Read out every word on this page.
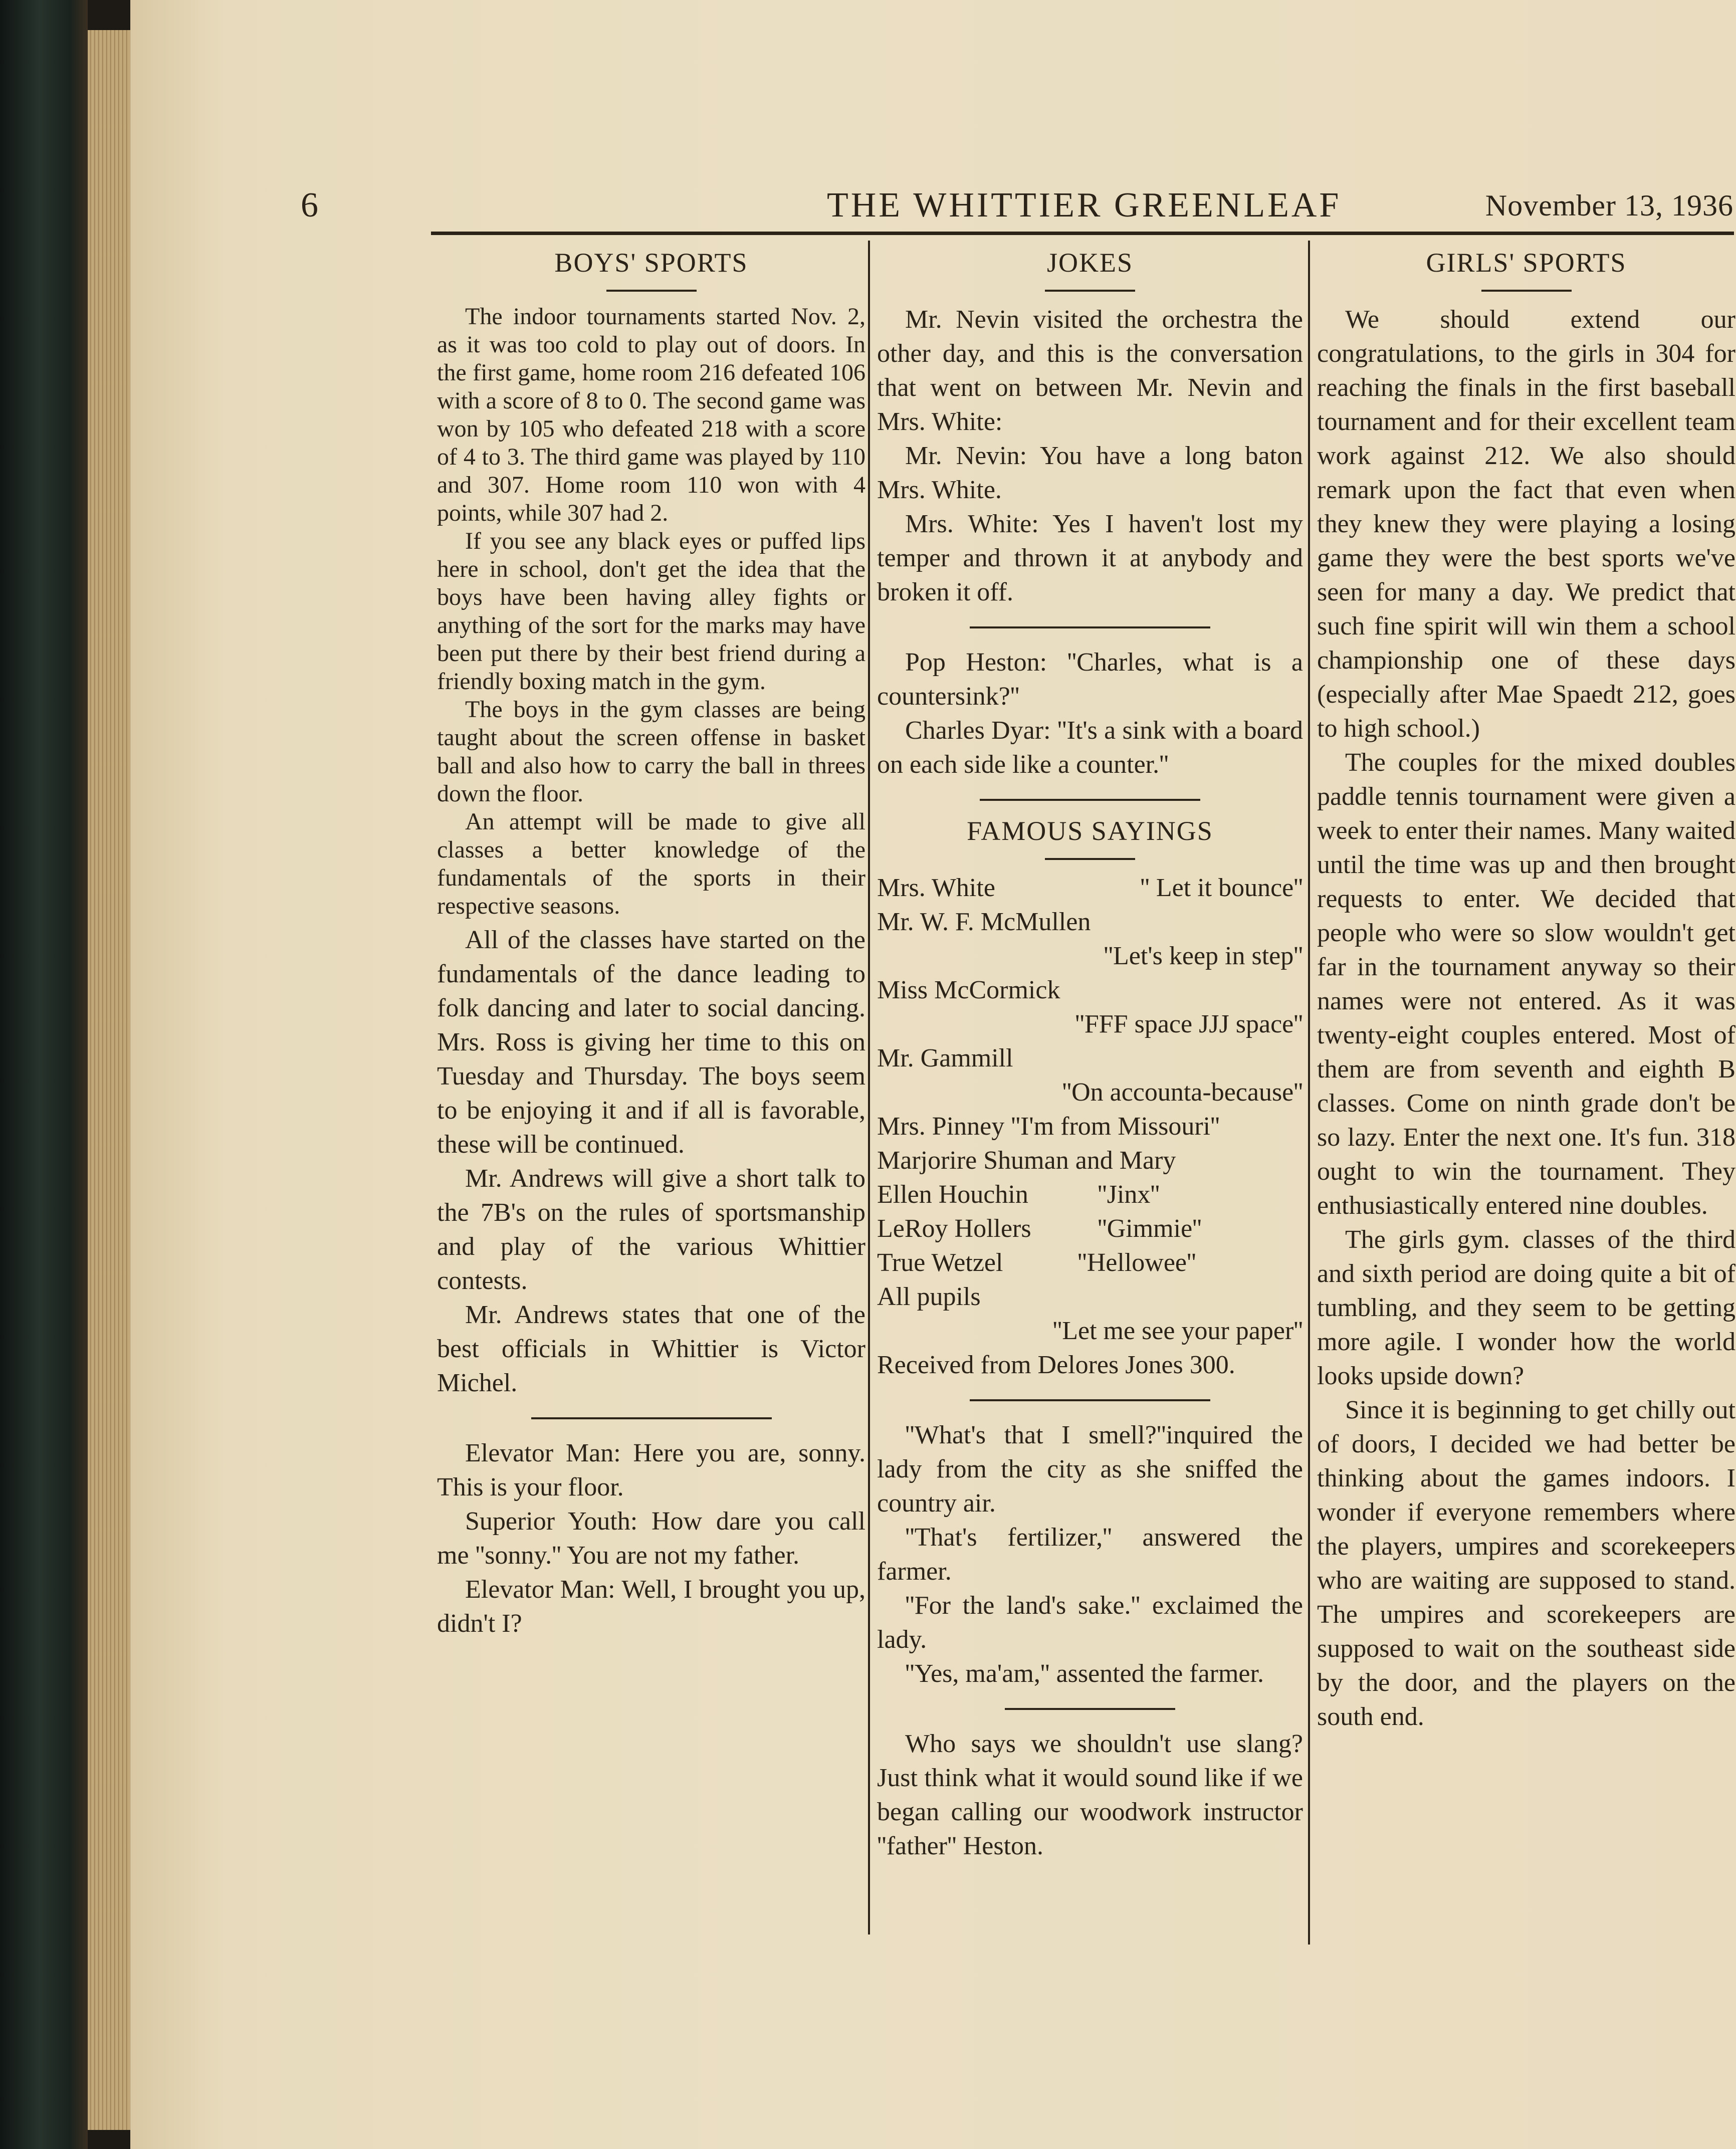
6	THE WHITTIER GREENLEAF	November 13, 1936
BOYS' SPORTS

The indoor tournaments started Nov. 2, as it was too cold to play out of doors. In the first game, home room 216 defeated 106 with a score of 8 to 0. The second game was won by 105 who defeated 218 with a score of 4 to 3. The third game was played by 110 and 307. Home room 110 won with 4 points, while 307 had 2.

If you see any black eyes or puffed lips here in school, don't get the idea that the boys have been having alley fights or anything of the sort for the marks may have been put there by their best friend during a friendly boxing match in the gym.

The boys in the gym classes are being taught about the screen offense in basket ball and also how to carry the ball in threes down the floor.

An attempt will be made to give all classes a better knowledge of the fundamentals of the sports in their respective seasons.

All of the classes have started on the fundamentals of the dance leading to folk dancing and later to social dancing. Mrs. Ross is giving her time to this on Tuesday and Thursday. The boys seem to be enjoying it and if all is favorable, these will be continued.

Mr. Andrews will give a short talk to the 7B's on the rules of sportsmanship and play of the various Whittier contests.

Mr. Andrews states that one of the best officials in Whittier is Victor Michel.

Elevator Man: Here you are, sonny. This is your floor.

Superior Youth: How dare you call me ''sonny.'' You are not my father.

Elevator Man: Well, I brought you up, didn't I?

JOKES

Mr. Nevin visited the orchestra the other day, and this is the conversation that went on between Mr. Nevin and Mrs. White:

Mr. Nevin: You have a long baton Mrs. White.

Mrs. White: Yes I haven't lost my temper and thrown it at anybody and broken it off.

Pop Heston: ''Charles, what is a countersink?''

Charles Dyar: ''It's a sink with a board on each side like a counter.''

FAMOUS SAYINGS
Mrs. White	'' Let it bounce''
Mr. W. F. McMullen
''Let's keep in step''
Miss McCormick
''FFF space JJJ space''
Mr. Gammill
''On accounta-because''
Mrs. Pinney ''I'm from Missouri''
Marjorire Shuman and Mary
Ellen Houchin	''Jinx''
LeRoy Hollers	''Gimmie''
True Wetzel	''Hellowee''
All pupils
''Let me see your paper''
Received from Delores Jones 300.

''What's that I smell?''inquired the lady from the city as she sniffed the country air.

''That's fertilizer,'' answered the farmer.

''For the land's sake.'' exclaimed the lady.

''Yes, ma'am,'' assented the farmer.

Who says we shouldn't use slang? Just think what it would sound like if we began calling our woodwork instructor ''father'' Heston.

GIRLS' SPORTS

We should extend our congratulations, to the girls in 304 for reaching the finals in the first baseball tournament and for their excellent team work against 212. We also should remark upon the fact that even when they knew they were playing a losing game they were the best sports we've seen for many a day. We predict that such fine spirit will win them a school championship one of these days (especially after Mae Spaedt 212, goes to high school.)

The couples for the mixed doubles paddle tennis tournament were given a week to enter their names. Many waited until the time was up and then brought requests to enter. We decided that people who were so slow wouldn't get far in the tournament anyway so their names were not entered. As it was twenty-eight couples entered. Most of them are from seventh and eighth B classes. Come on ninth grade don't be so lazy. Enter the next one. It's fun. 318 ought to win the tournament. They enthusiastically entered nine doubles.

The girls gym. classes of the third and sixth period are doing quite a bit of tumbling, and they seem to be getting more agile. I wonder how the world looks upside down?

Since it is beginning to get chilly out of doors, I decided we had better be thinking about the games indoors. I wonder if everyone remembers where the players, umpires and scorekeepers who are waiting are supposed to stand. The umpires and scorekeepers are supposed to wait on the southeast side by the door, and the players on the south end.
